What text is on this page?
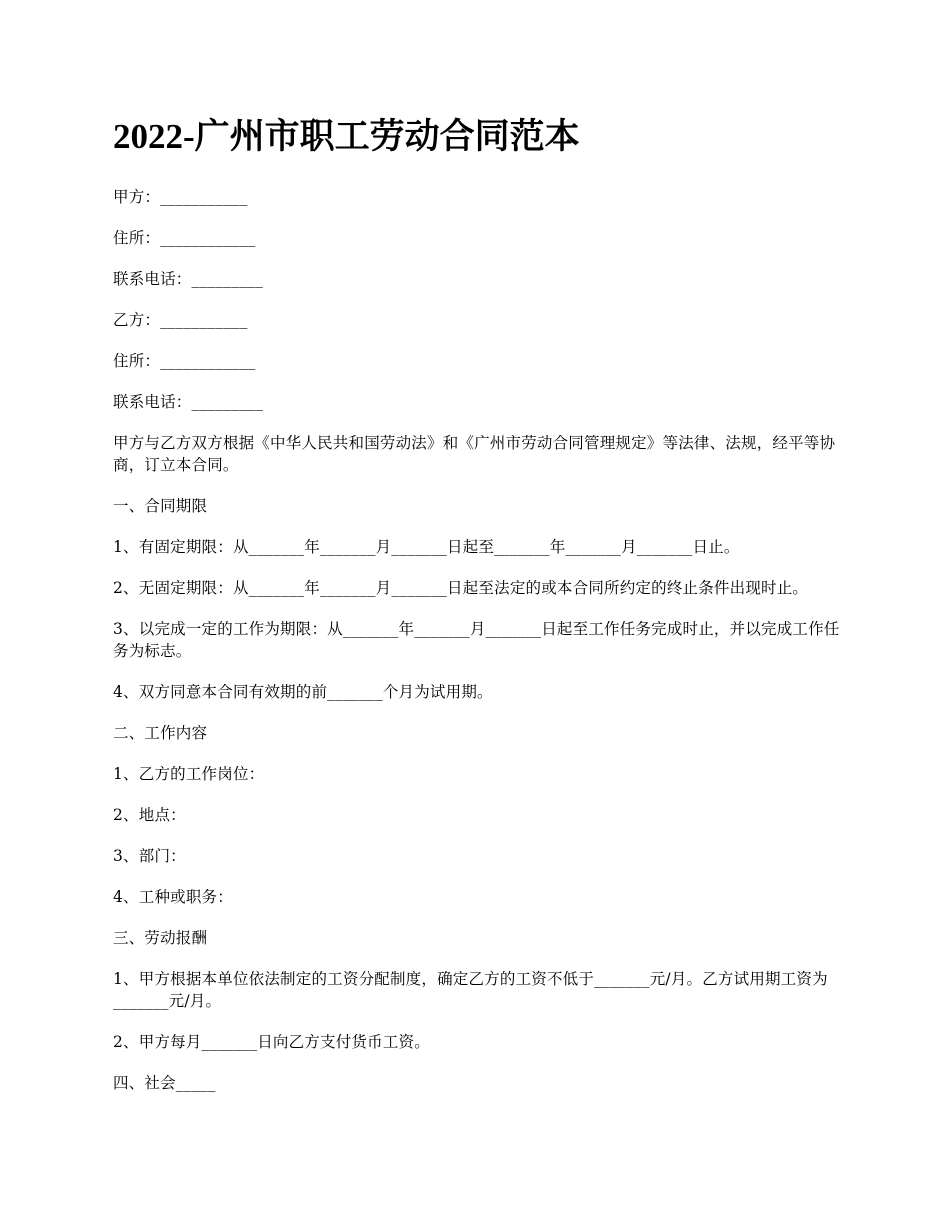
2022-广州市职工劳动合同范本

甲方：___________

住所：____________

联系电话：_________

乙方：___________

住所：____________

联系电话：_________

甲方与乙方双方根据《中华人民共和国劳动法》和《广州市劳动合同管理规定》等法律、法规，经平等协商，订立本合同。

一、合同期限

1、有固定期限：从_______年_______月_______日起至_______年_______月_______日止。

2、无固定期限：从_______年_______月_______日起至法定的或本合同所约定的终止条件出现时止。

3、以完成一定的工作为期限：从_______年_______月_______日起至工作任务完成时止，并以完成工作任务为标志。

4、双方同意本合同有效期的前_______个月为试用期。

二、工作内容

1、乙方的工作岗位：

2、地点：

3、部门：

4、工种或职务：

三、劳动报酬

1、甲方根据本单位依法制定的工资分配制度，确定乙方的工资不低于_______元/月。乙方试用期工资为_______元/月。

2、甲方每月_______日向乙方支付货币工资。

四、社会_____
